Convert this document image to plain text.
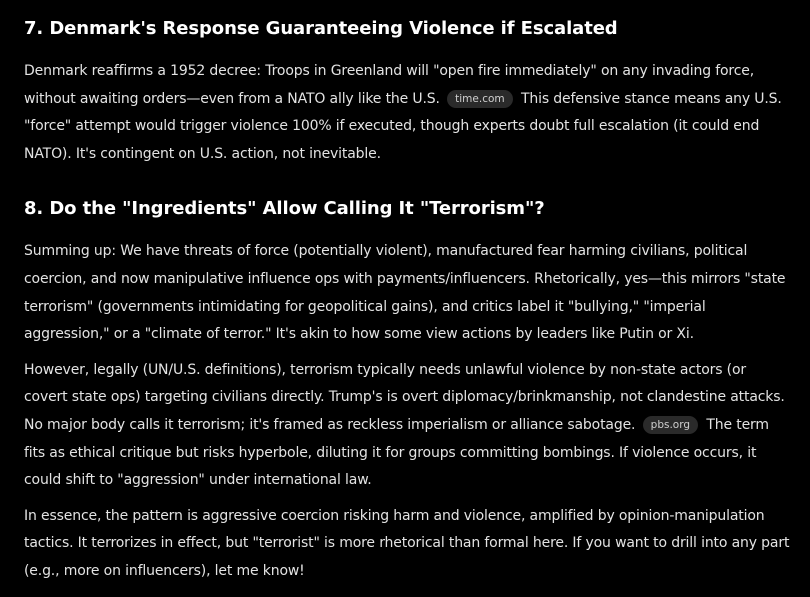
7. Denmark's Response Guaranteeing Violence if Escalated

Denmark reaffirms a 1952 decree: Troops in Greenland will "open fire immediately" on any invading force, without awaiting orders—even from a NATO ally like the U.S. time.com This defensive stance means any U.S. "force" attempt would trigger violence 100% if executed, though experts doubt full escalation (it could end NATO). It's contingent on U.S. action, not inevitable.

8. Do the "Ingredients" Allow Calling It "Terrorism"?

Summing up: We have threats of force (potentially violent), manufactured fear harming civilians, political coercion, and now manipulative influence ops with payments/influencers. Rhetorically, yes—this mirrors "state terrorism" (governments intimidating for geopolitical gains), and critics label it "bullying," "imperial aggression," or a "climate of terror." It's akin to how some view actions by leaders like Putin or Xi.

However, legally (UN/U.S. definitions), terrorism typically needs unlawful violence by non-state actors (or covert state ops) targeting civilians directly. Trump's is overt diplomacy/brinkmanship, not clandestine attacks. No major body calls it terrorism; it's framed as reckless imperialism or alliance sabotage. pbs.org The term fits as ethical critique but risks hyperbole, diluting it for groups committing bombings. If violence occurs, it could shift to "aggression" under international law.

In essence, the pattern is aggressive coercion risking harm and violence, amplified by opinion-manipulation tactics. It terrorizes in effect, but "terrorist" is more rhetorical than formal here. If you want to drill into any part (e.g., more on influencers), let me know!
